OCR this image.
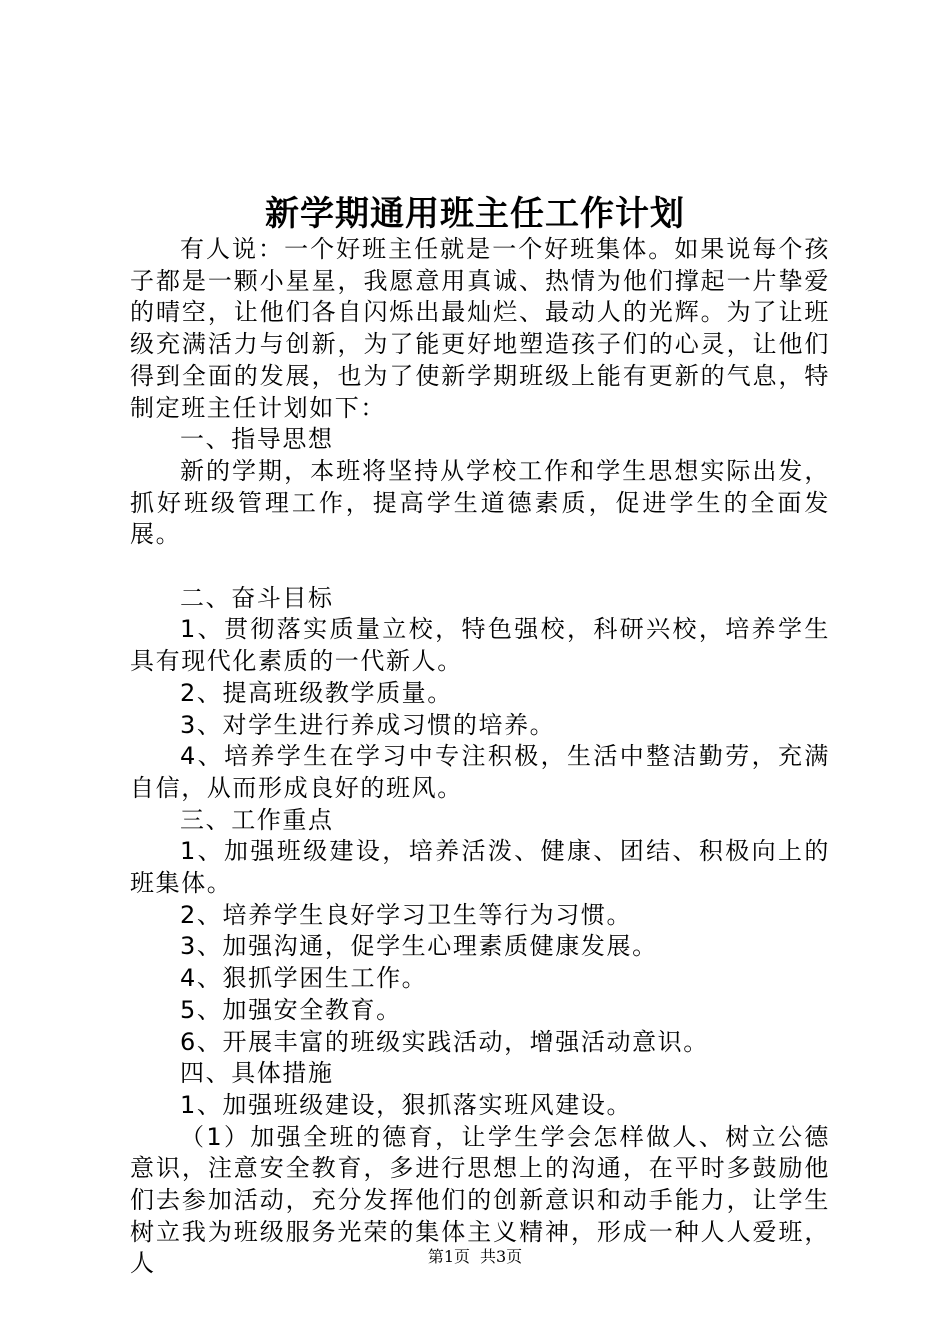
新学期通用班主任工作计划

有人说：一个好班主任就是一个好班集体。如果说每个孩子都是一颗小星星，我愿意用真诚、热情为他们撑起一片挚爱的晴空，让他们各自闪烁出最灿烂、最动人的光辉。为了让班级充满活力与创新，为了能更好地塑造孩子们的心灵，让他们得到全面的发展，也为了使新学期班级上能有更新的气息，特制定班主任计划如下：

一、指导思想

新的学期，本班将坚持从学校工作和学生思想实际出发，抓好班级管理工作，提高学生道德素质，促进学生的全面发展。

二、奋斗目标

1、贯彻落实质量立校，特色强校，科研兴校，培养学生具有现代化素质的一代新人。

2、提高班级教学质量。

3、对学生进行养成习惯的培养。

4、培养学生在学习中专注积极，生活中整洁勤劳，充满自信，从而形成良好的班风。

三、工作重点

1、加强班级建设，培养活泼、健康、团结、积极向上的班集体。

2、培养学生良好学习卫生等行为习惯。

3、加强沟通，促学生心理素质健康发展。

4、狠抓学困生工作。

5、加强安全教育。

6、开展丰富的班级实践活动，增强活动意识。

四、具体措施

1、加强班级建设，狠抓落实班风建设。

（1）加强全班的德育，让学生学会怎样做人、树立公德意识，注意安全教育，多进行思想上的沟通，在平时多鼓励他们去参加活动，充分发挥他们的创新意识和动手能力，让学生树立我为班级服务光荣的集体主义精神，形成一种人人爱班，人	第1页 共3页
